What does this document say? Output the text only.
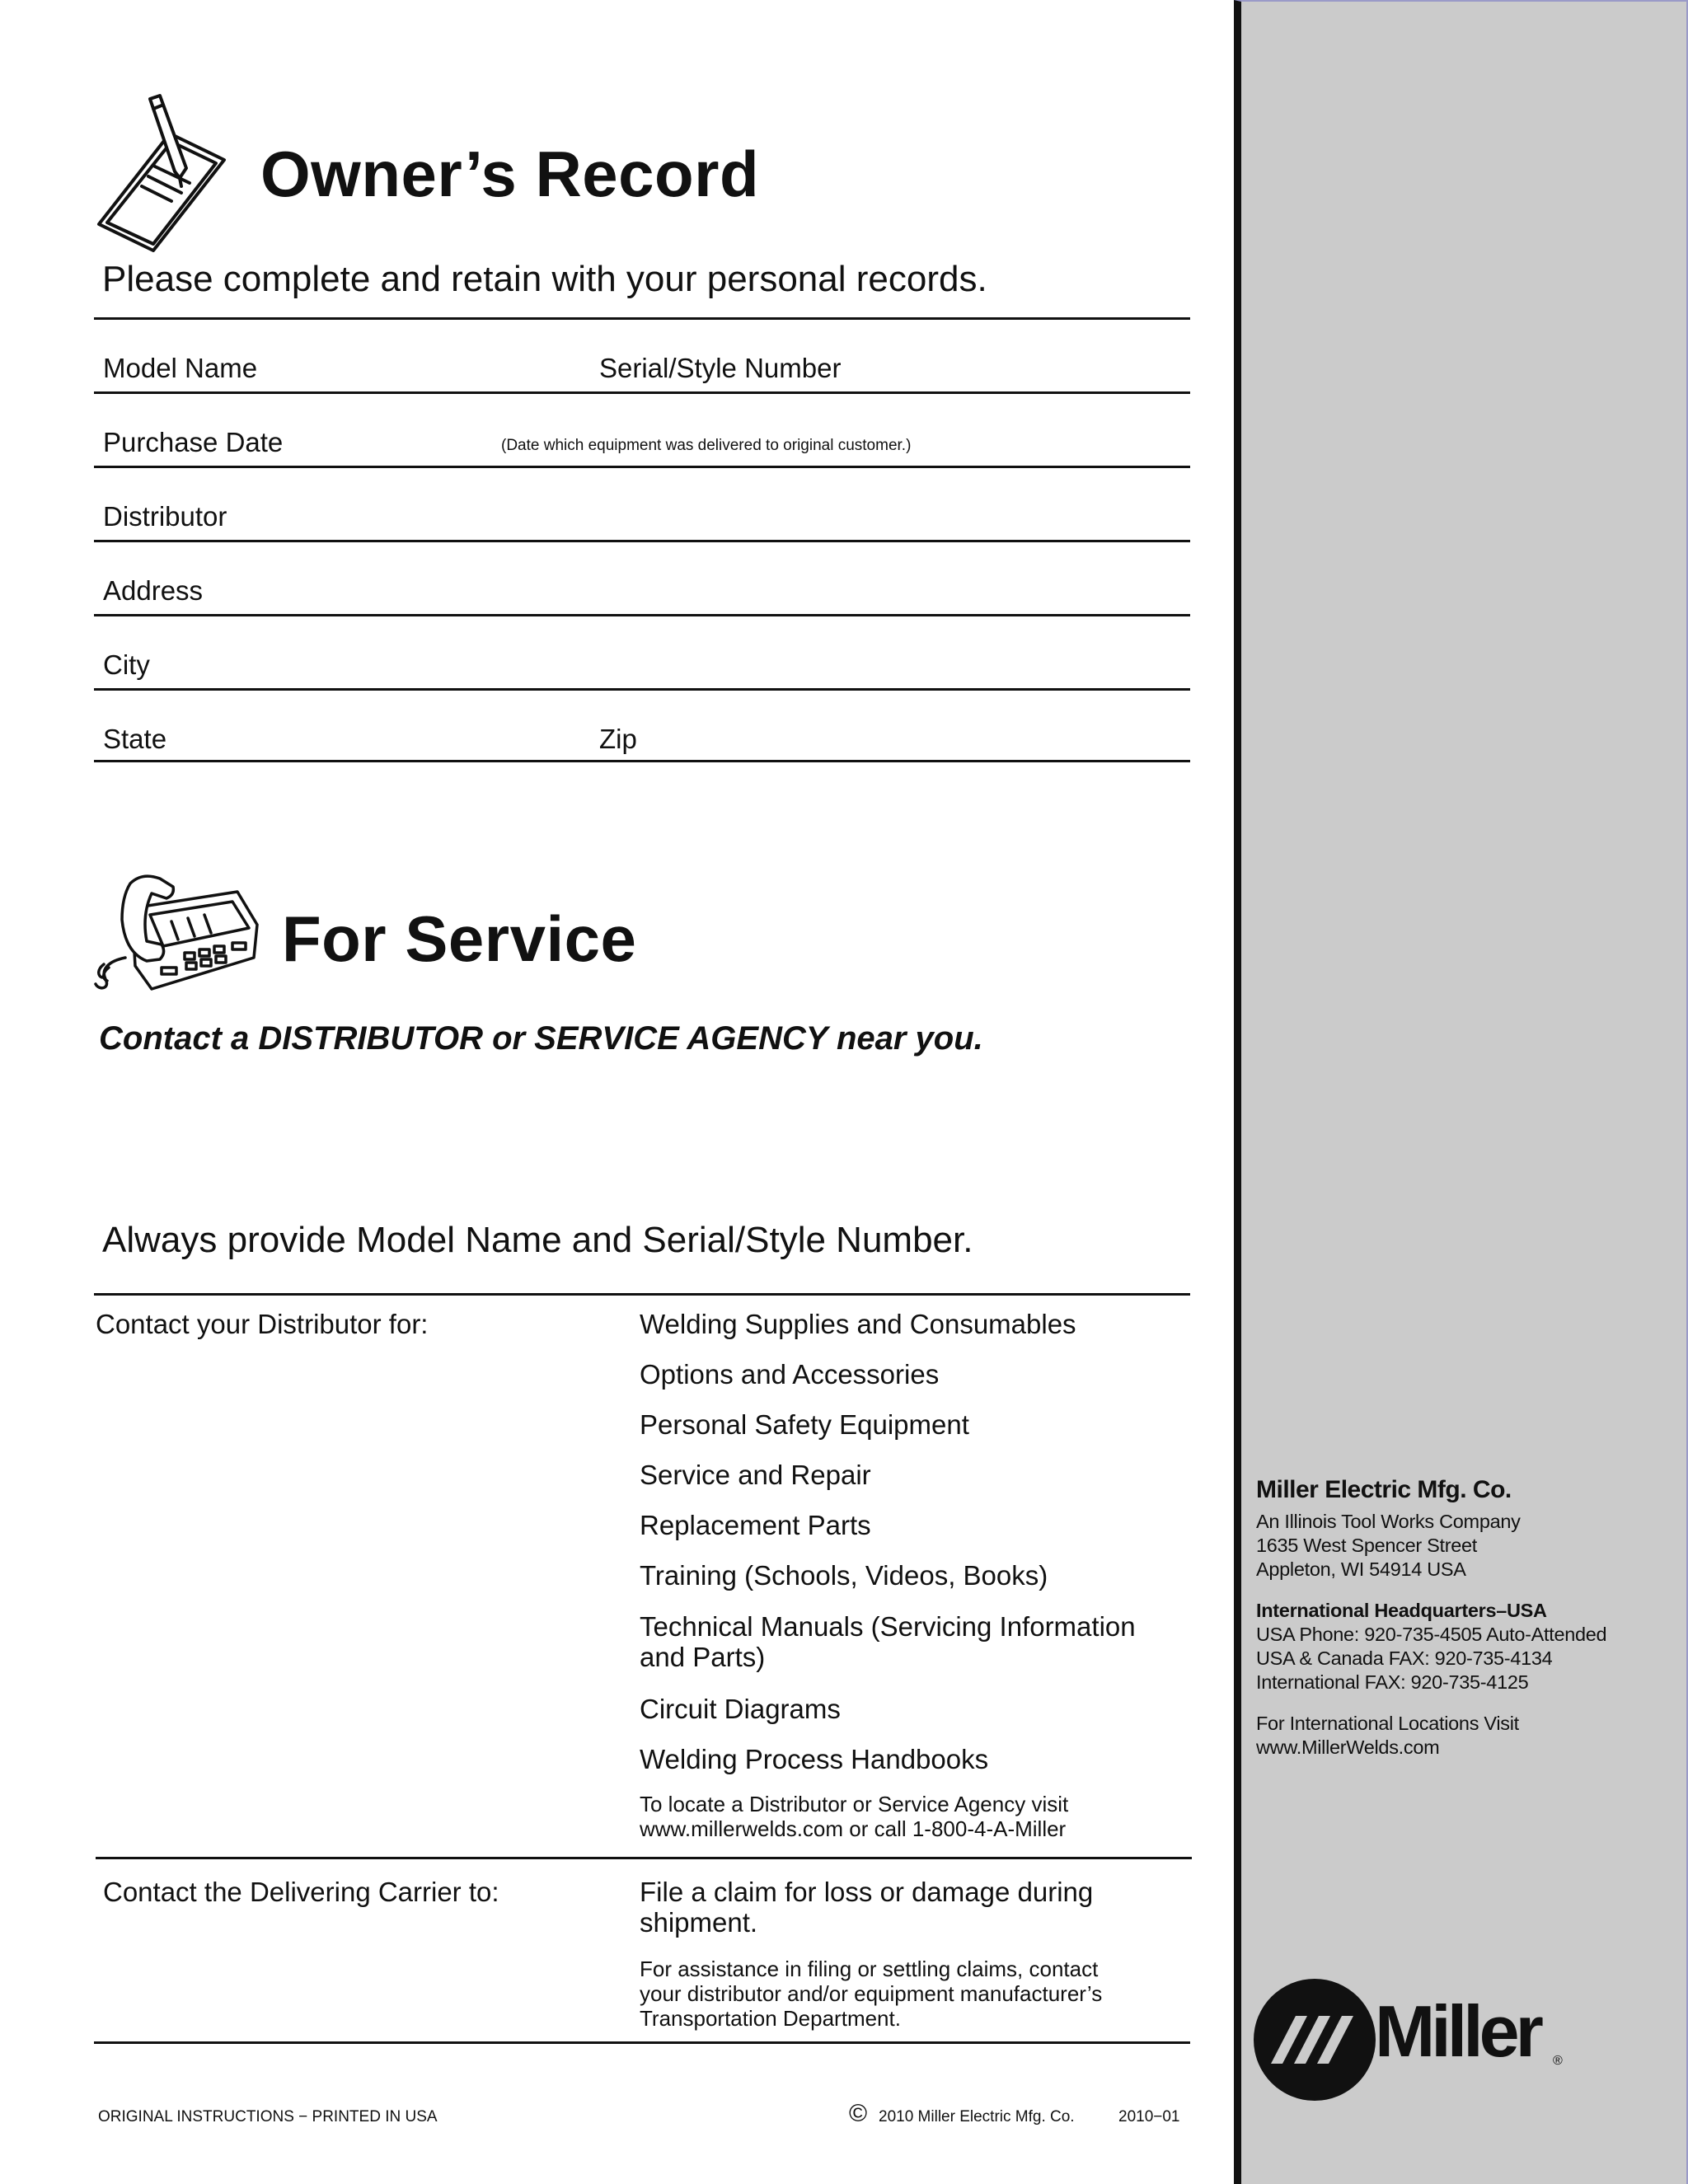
Owner’s Record
Please complete and retain with your personal records.
Model Name	Serial/Style Number
Purchase Date	(Date which equipment was delivered to original customer.)
Distributor
Address
City
State	Zip
For Service
Contact a DISTRIBUTOR or SERVICE AGENCY near you.
Always provide Model Name and Serial/Style Number.
Contact your Distributor for:	Welding Supplies and Consumables
Options and Accessories
Personal Safety Equipment
Service and Repair
Replacement Parts
Training (Schools, Videos, Books)
Technical Manuals (Servicing Information
and Parts)
Circuit Diagrams
Welding Process Handbooks
To locate a Distributor or Service Agency visit
www.millerwelds.com or call 1-800-4-A-Miller
Contact the Delivering Carrier to:	File a claim for loss or damage during
shipment.
For assistance in filing or settling claims, contact
your distributor and/or equipment manufacturer’s
Transportation Department.
ORIGINAL INSTRUCTIONS − PRINTED IN USA	© 2010 Miller Electric Mfg. Co.	2010−01
Miller Electric Mfg. Co.
An Illinois Tool Works Company
1635 West Spencer Street
Appleton, WI 54914 USA
International Headquarters–USA
USA Phone: 920-735-4505 Auto-Attended
USA & Canada FAX: 920-735-4134
International FAX: 920-735-4125
For International Locations Visit
www.MillerWelds.com
Miller ®
